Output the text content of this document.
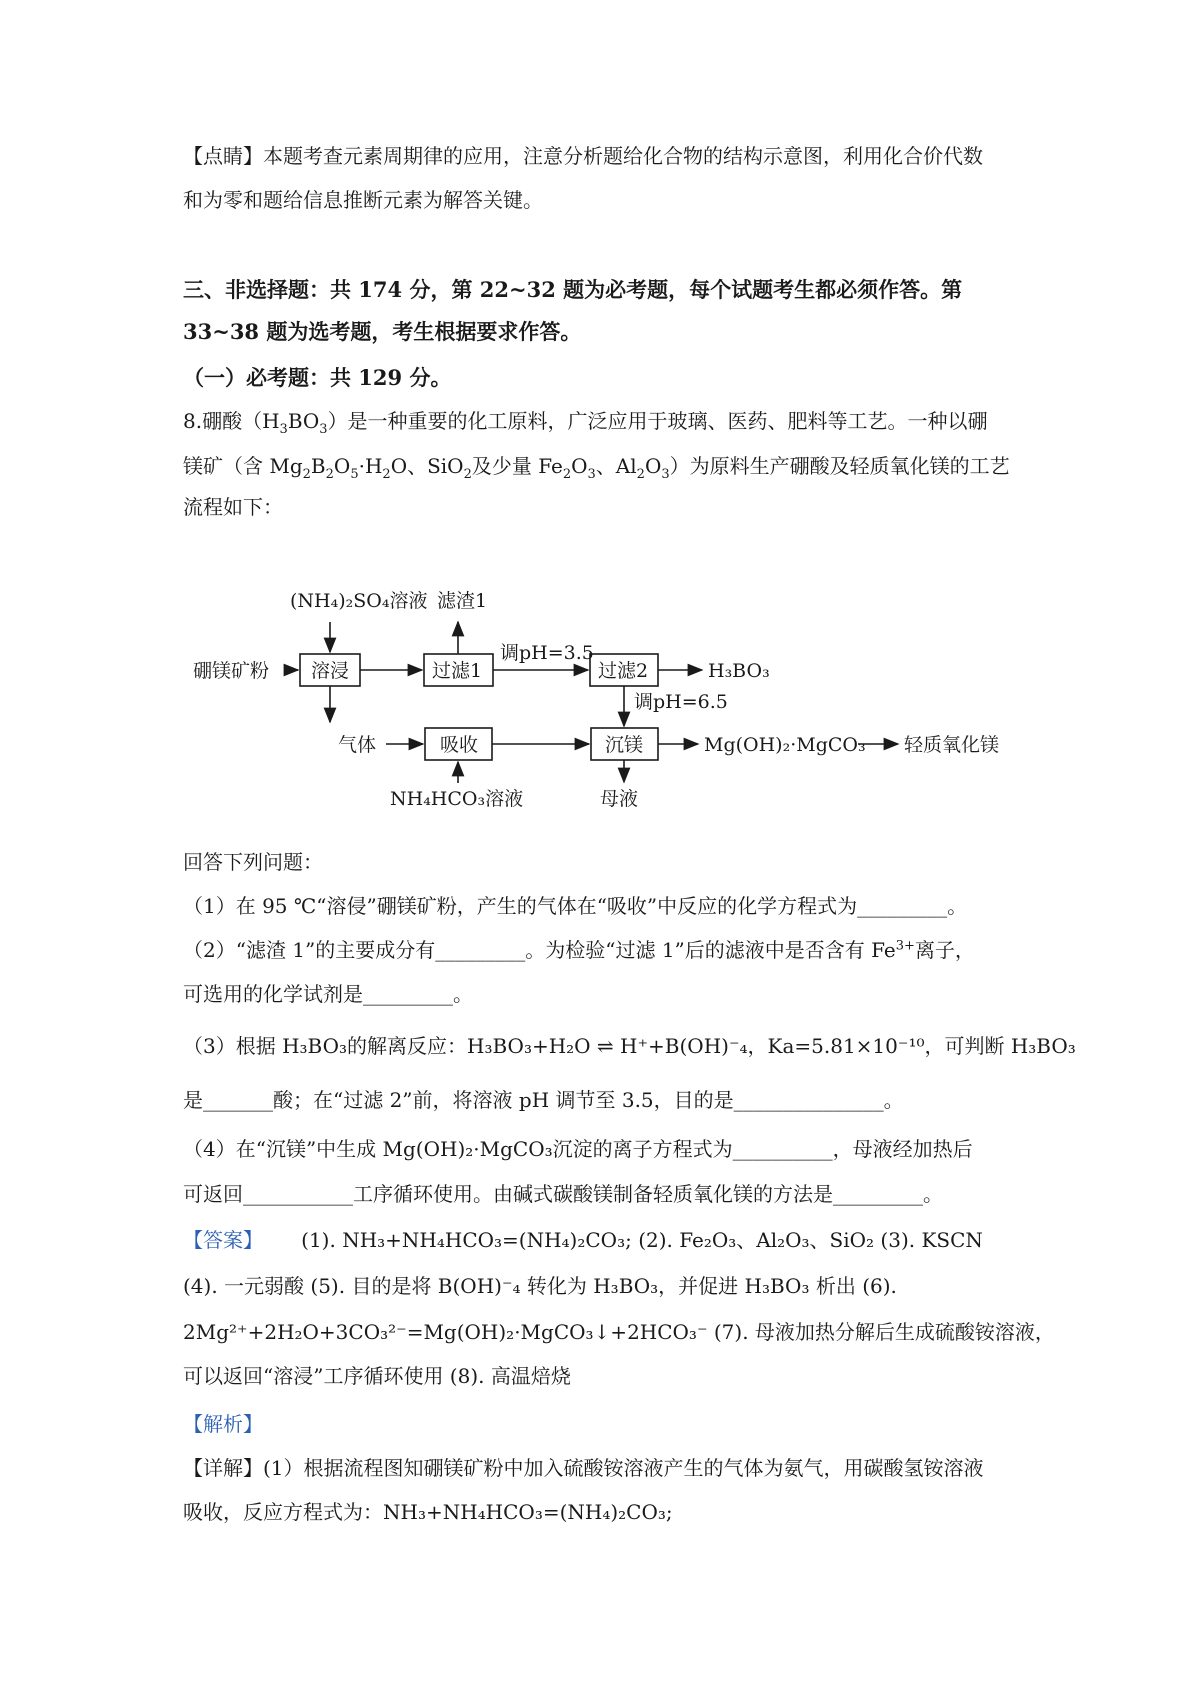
【点睛】本题考查元素周期律的应用，注意分析题给化合物的结构示意图，利用化合价代数
和为零和题给信息推断元素为解答关键。
三、非选择题：共 174 分，第 22~32 题为必考题，每个试题考生都必须作答。第
33~38 题为选考题，考生根据要求作答。
（一）必考题：共 129 分。
8.硼酸$(H_3BO_3)$是一种重要的化工原料，广泛应用于玻璃、医药、肥料等工艺。一种以硼
镁矿（含 $Mg_2B_2O_5\cdot H_2O$、SiO$_2$及少量 $Fe_2O_3$、$Al_2O_3$）为原料生产硼酸及轻质氧化镁的工艺
流程如下：
(NH₄)₂SO₄溶液 滤渣1
硼镁矿粉 溶浸	过滤1
调pH=3.5
过滤2	H₃BO₃
调pH=6.5
气体	吸收	沉镁	Mg(OH)₂·MgCO₃ 轻质氧化镁
NH₄HCO₃溶液	母液
回答下列问题：
（1）在 95 ℃“溶侵”硼镁矿粉，产生的气体在“吸收”中反应的化学方程式为_________。
（2）“滤渣 1”的主要成分有_________。为检验“过滤 1”后的滤液中是否含有 $Fe^{3+}$离子，
可选用的化学试剂是_________。
（3）根据 H₃BO₃的解离反应：H₃BO₃+H₂O ⇌ H⁺+B(OH)⁻₄，Ka=5.81×10⁻¹⁰，可判断 H₃BO₃
是_______酸；在“过滤 2”前，将溶液 pH 调节至 3.5，目的是_______________。
（4）在“沉镁”中生成 Mg(OH)₂·MgCO₃沉淀的离子方程式为__________，母液经加热后
可返回___________工序循环使用。由碱式碳酸镁制备轻质氧化镁的方法是_________。
【答案】 (1). NH₃+NH₄HCO₃=(NH₄)₂CO₃; (2). Fe₂O₃、Al₂O₃、SiO₂ (3). KSCN
(4). 一元弱酸 (5). 目的是将 B(OH)⁻₄ 转化为 H₃BO₃，并促进 H₃BO₃ 析出 (6).
2Mg²⁺+2H₂O+3CO₃²⁻=Mg(OH)₂·MgCO₃↓+2HCO₃⁻ (7). 母液加热分解后生成硫酸铵溶液，
可以返回“溶浸”工序循环使用 (8). 高温焙烧
【解析】
【详解】(1）根据流程图知硼镁矿粉中加入硫酸铵溶液产生的气体为氨气，用碳酸氢铵溶液
吸收，反应方程式为：NH₃+NH₄HCO₃=(NH₄)₂CO₃;
